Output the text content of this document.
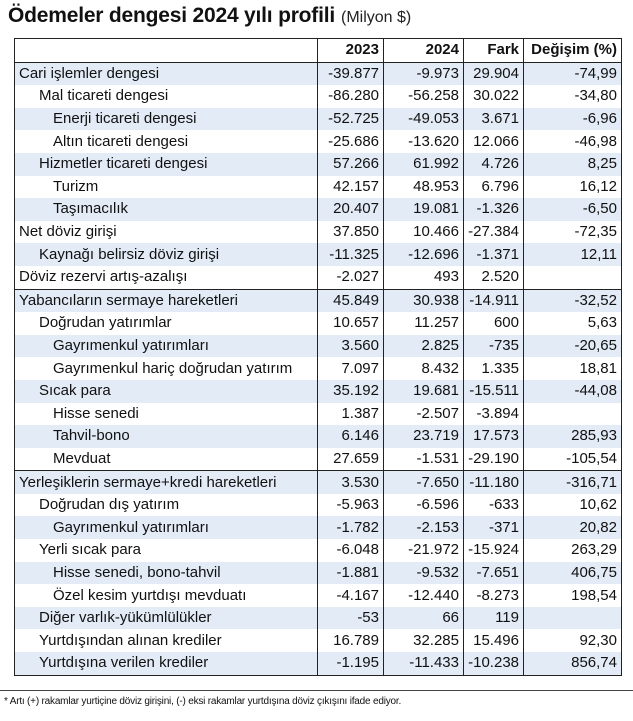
Ödemeler dengesi 2024 yılı profili (Milyon $)
	2023	2024	Fark	Değişim (%)
Cari işlemler dengesi	-39.877	-9.973	29.904	-74,99
Mal ticareti dengesi	-86.280	-56.258	30.022	-34,80
Enerji ticareti dengesi	-52.725	-49.053	3.671	-6,96
Altın ticareti dengesi	-25.686	-13.620	12.066	-46,98
Hizmetler ticareti dengesi	57.266	61.992	4.726	8,25
Turizm	42.157	48.953	6.796	16,12
Taşımacılık	20.407	19.081	-1.326	-6,50
Net döviz girişi	37.850	10.466	-27.384	-72,35
Kaynağı belirsiz döviz girişi	-11.325	-12.696	-1.371	12,11
Döviz rezervi artış-azalışı	-2.027	493	2.520	
Yabancıların sermaye hareketleri	45.849	30.938	-14.911	-32,52
Doğrudan yatırımlar	10.657	11.257	600	5,63
Gayrımenkul yatırımları	3.560	2.825	-735	-20,65
Gayrımenkul hariç doğrudan yatırım	7.097	8.432	1.335	18,81
Sıcak para	35.192	19.681	-15.511	-44,08
Hisse senedi	1.387	-2.507	-3.894	
Tahvil-bono	6.146	23.719	17.573	285,93
Mevduat	27.659	-1.531	-29.190	-105,54
Yerleşiklerin sermaye+kredi hareketleri	3.530	-7.650	-11.180	-316,71
Doğrudan dış yatırım	-5.963	-6.596	-633	10,62
Gayrımenkul yatırımları	-1.782	-2.153	-371	20,82
Yerli sıcak para	-6.048	-21.972	-15.924	263,29
Hisse senedi, bono-tahvil	-1.881	-9.532	-7.651	406,75
Özel kesim yurtdışı mevduatı	-4.167	-12.440	-8.273	198,54
Diğer varlık-yükümlülükler	-53	66	119	
Yurtdışından alınan krediler	16.789	32.285	15.496	92,30
Yurtdışına verilen krediler	-1.195	-11.433	-10.238	856,74
* Artı (+) rakamlar yurtiçine döviz girişini, (-) eksi rakamlar yurtdışına döviz çıkışını ifade ediyor.
